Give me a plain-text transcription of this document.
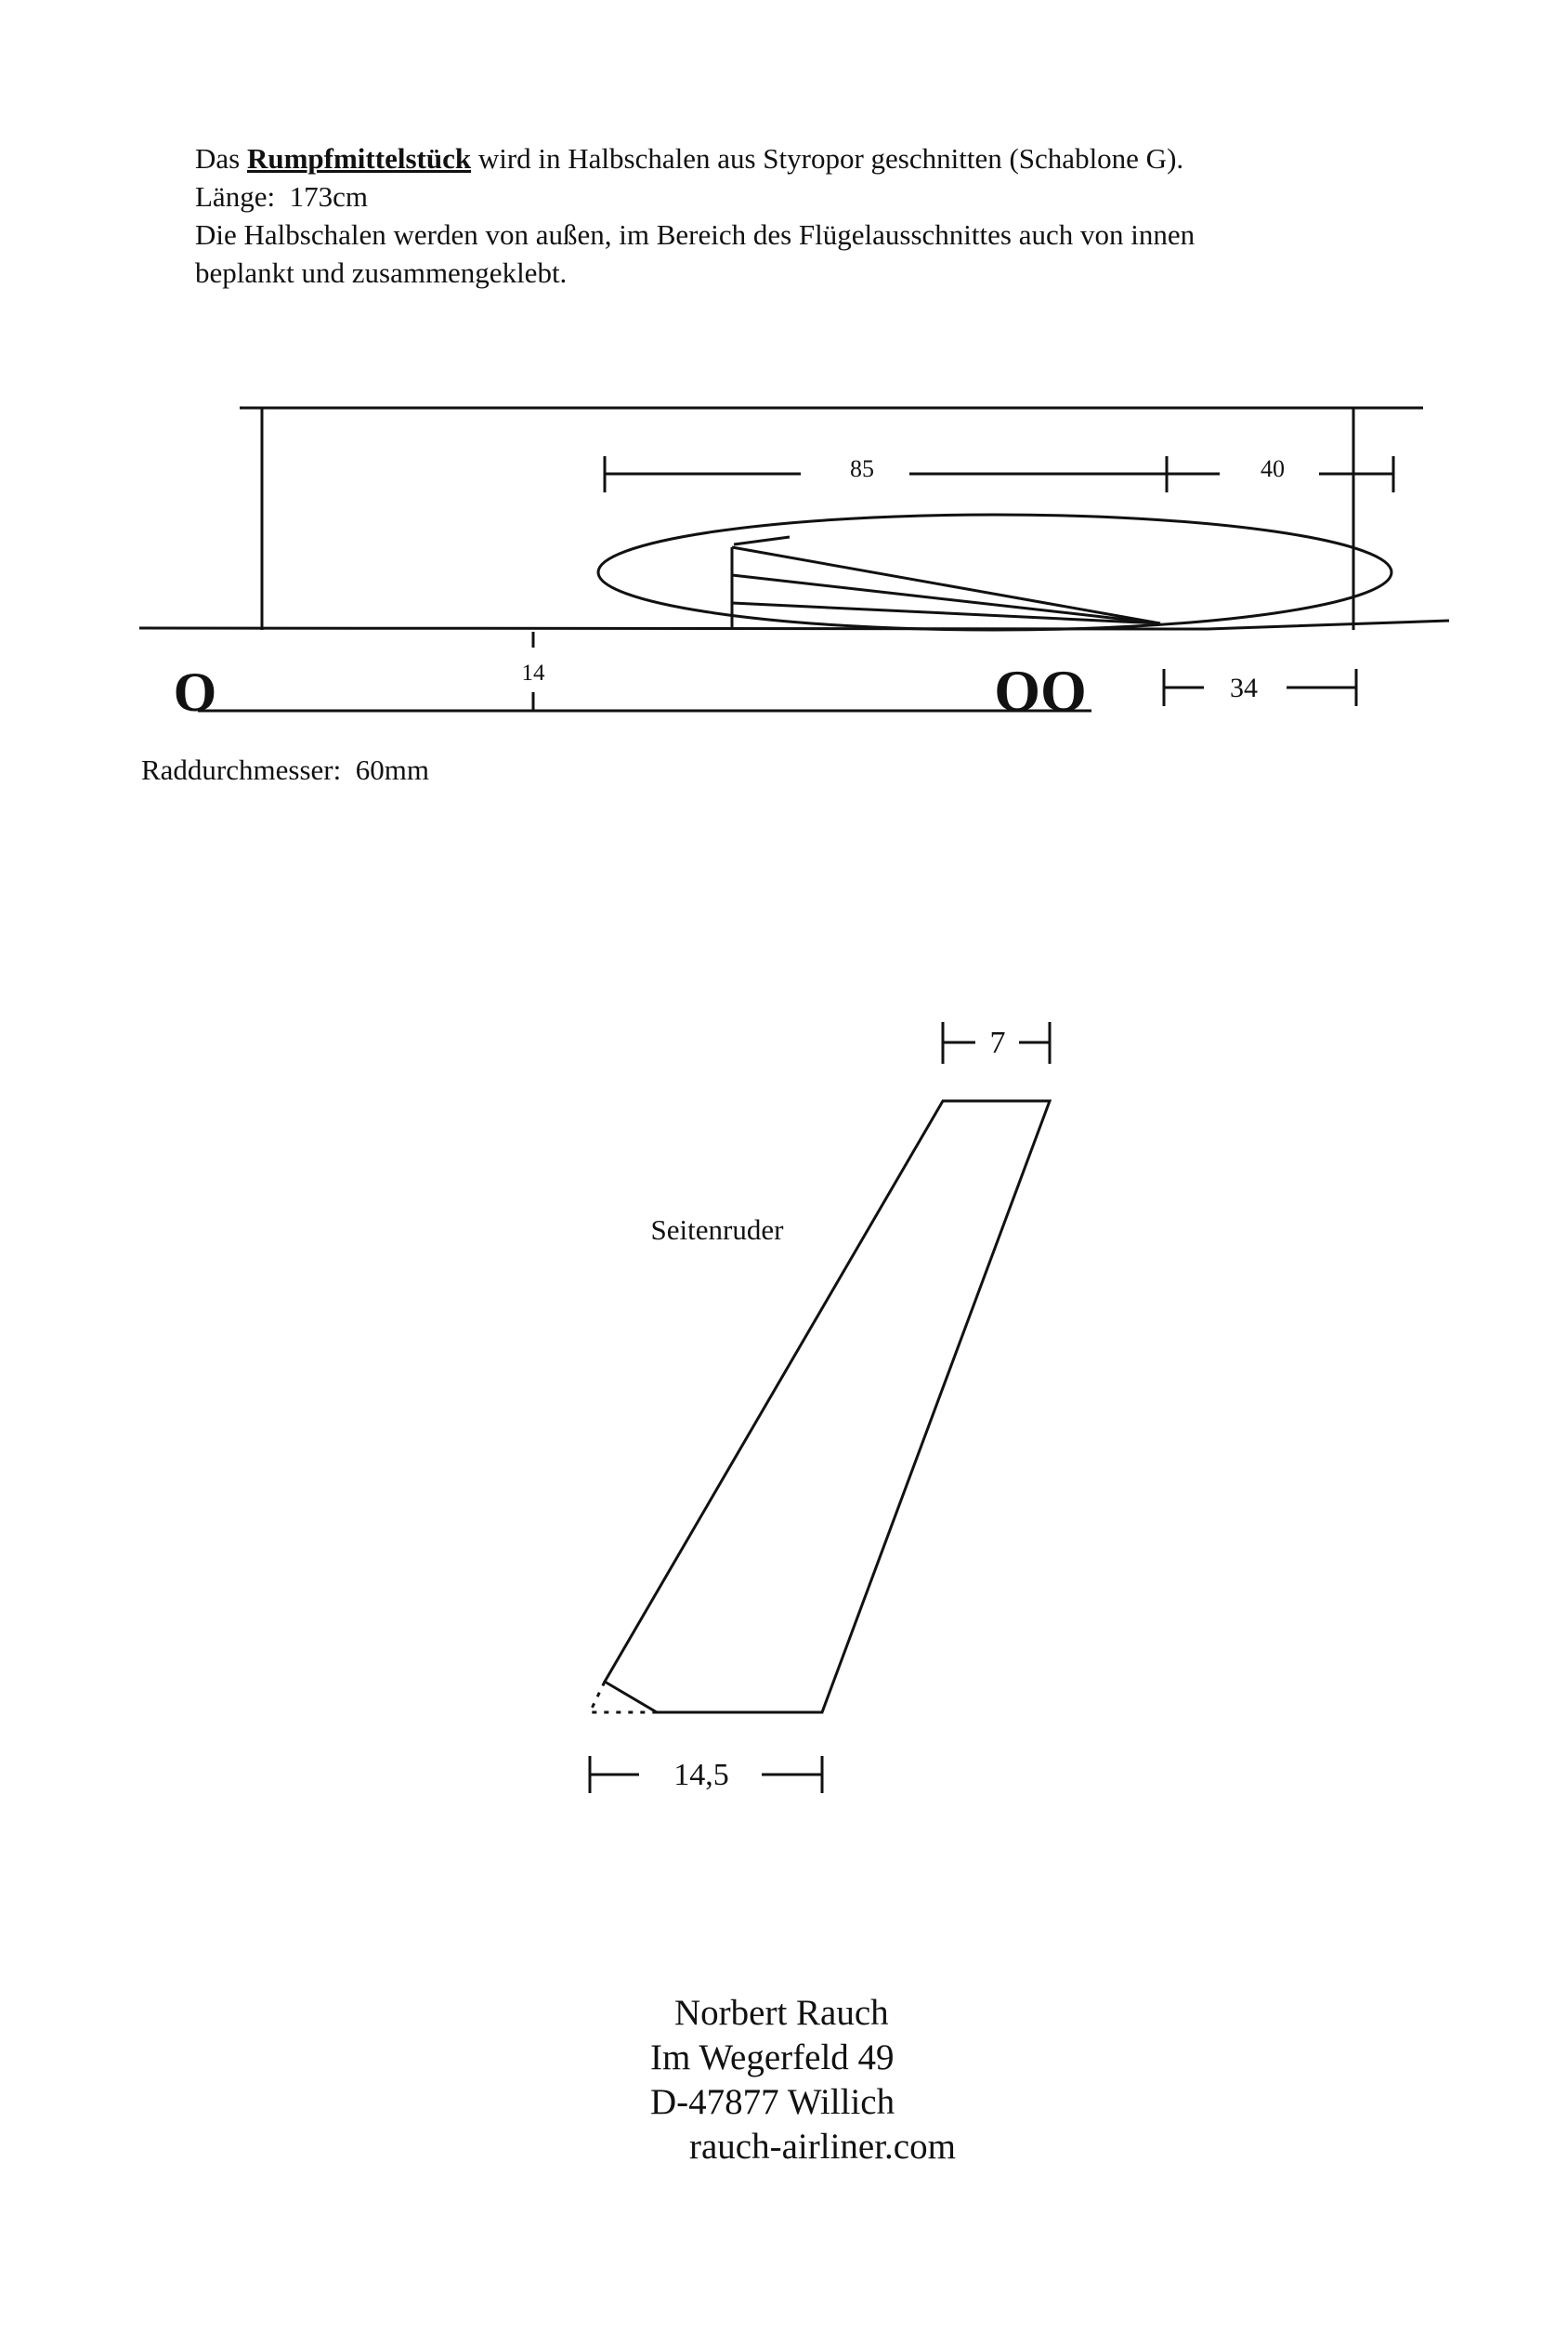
Das Rumpfmittelstück wird in Halbschalen aus Styropor geschnitten (Schablone G).

Länge:  173cm

Die Halbschalen werden von außen, im Bereich des Flügelausschnittes auch von innen

beplankt und zusammengeklebt.

85	40
14	34
O	OO
Seitenruder
7
14,5
Raddurchmesser:  60mm
Norbert Rauch
Im Wegerfeld 49
D-47877 Willich
rauch-airliner.com
